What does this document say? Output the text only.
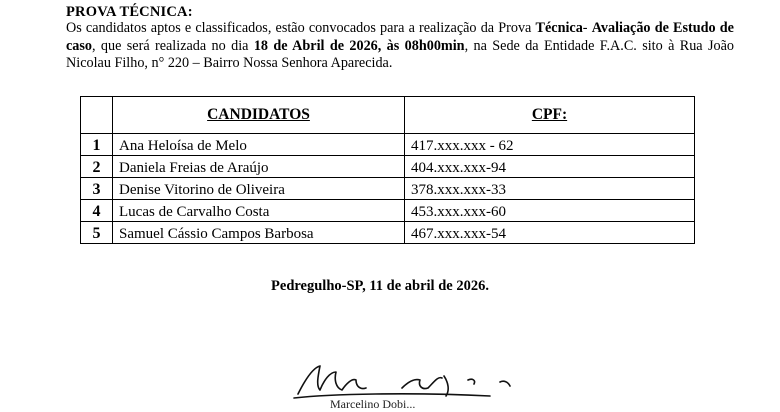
PROVA TÉCNICA:
Os candidatos aptos e classificados, estão convocados para a realização da Prova Técnica- Avaliação de Estudo de caso, que será realizada no dia 18 de Abril de 2026, às 08h00min, na Sede da Entidade F.A.C. sito à Rua João Nicolau Filho, n° 220 – Bairro Nossa Senhora Aparecida.
	CANDIDATOS	CPF:
1	Ana Heloísa de Melo	417.xxx.xxx - 62
2	Daniela Freias de Araújo	404.xxx.xxx-94
3	Denise Vitorino de Oliveira	378.xxx.xxx-33
4	Lucas de Carvalho Costa	453.xxx.xxx-60
5	Samuel Cássio Campos Barbosa	467.xxx.xxx-54
Pedregulho-SP, 11 de abril de 2026.
Marcelino Dobi...
